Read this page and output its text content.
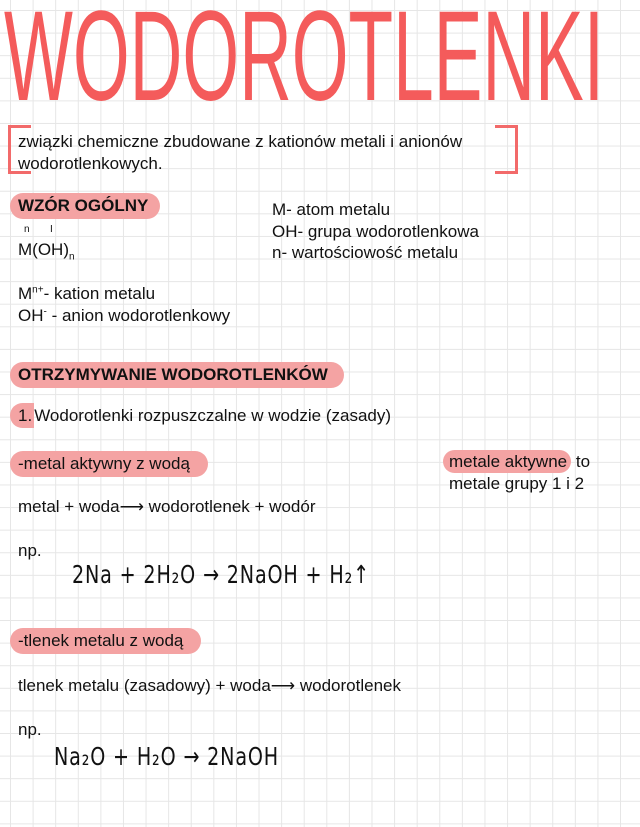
WODOROTLENKI
związki chemiczne zbudowane z kationów metali i anionów wodorotlenkowych.
WZÓR OGÓLNY
n I
$M(OH)_n$
M- atom metalu
OH- grupa wodorotlenkowa
n- wartościowość metalu
$M^{n+}-$ kation metalu
OH- - anion wodorotlenkowy
OTRZYMYWANIE WODOROTLENKÓW
1. Wodorotlenki rozpuszczalne w wodzie (zasady)
-metal aktywny z wodą	metale aktywne to
metale grupy 1 i 2
metal + woda⟶ wodorotlenek + wodór
np.
2Na + 2H₂O → 2NaOH + H₂↑
-tlenek metalu z wodą
tlenek metalu (zasadowy) + woda⟶ wodorotlenek
np.
Na₂O + H₂O → 2NaOH
